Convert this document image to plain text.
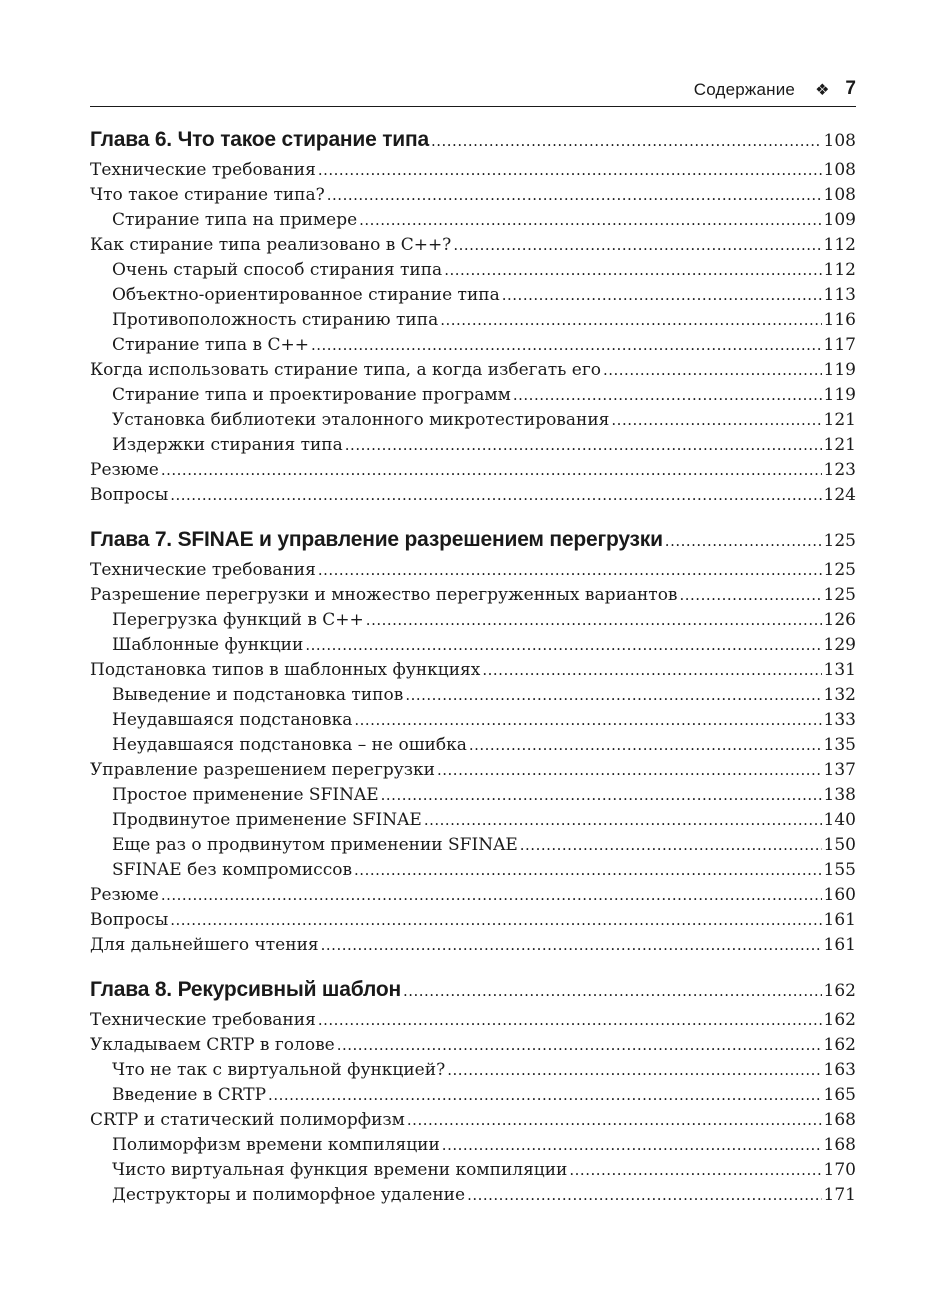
Содержание ❖ 7
Глава 6. Что такое стирание типа .....	108
Технические требования .....	108
Что такое стирание типа? .....	108
Стирание типа на примере .....	109
Как стирание типа реализовано в C++? .....	112
Очень старый способ стирания типа .....	112
Объектно-ориентированное стирание типа .....	113
Противоположность стиранию типа .....	116
Стирание типа в C++ .....	117
Когда использовать стирание типа, а когда избегать его .....	119
Стирание типа и проектирование программ .....	119
Установка библиотеки эталонного микротестирования .....	121
Издержки стирания типа .....	121
Резюме .....	123
Вопросы .....	124
Глава 7. SFINAE и управление разрешением перегрузки .....	125
Технические требования .....	125
Разрешение перегрузки и множество перегруженных вариантов .....	125
Перегрузка функций в C++ .....	126
Шаблонные функции .....	129
Подстановка типов в шаблонных функциях .....	131
Выведение и подстановка типов .....	132
Неудавшаяся подстановка .....	133
Неудавшаяся подстановка – не ошибка .....	135
Управление разрешением перегрузки .....	137
Простое применение SFINAE .....	138
Продвинутое применение SFINAE .....	140
Еще раз о продвинутом применении SFINAE .....	150
SFINAE без компромиссов .....	155
Резюме .....	160
Вопросы .....	161
Для дальнейшего чтения .....	161
Глава 8. Рекурсивный шаблон .....	162
Технические требования .....	162
Укладываем CRTP в голове .....	162
Что не так с виртуальной функцией? .....	163
Введение в CRTP .....	165
CRTP и статический полиморфизм .....	168
Полиморфизм времени компиляции .....	168
Чисто виртуальная функция времени компиляции .....	170
Деструкторы и полиморфное удаление .....	171
